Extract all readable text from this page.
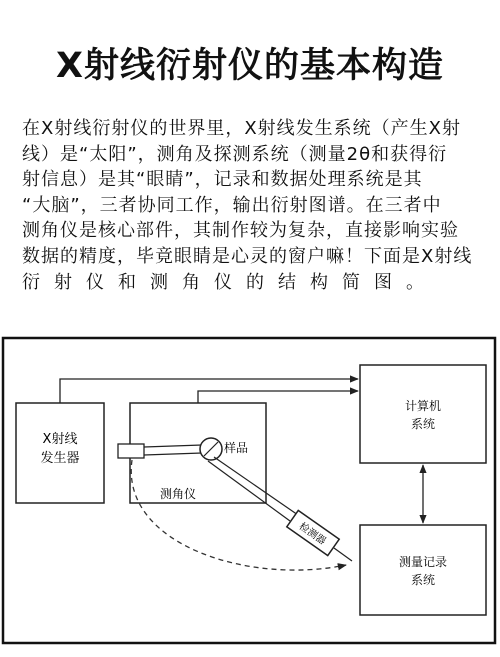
X射线衍射仪的基本构造
在X射线衍射仪的世界里，X射线发生系统（产生X射
线）是“太阳”，测角及探测系统（测量2θ和获得衍
射信息）是其“眼睛”，记录和数据处理系统是其
“大脑”，三者协同工作，输出衍射图谱。在三者中
测角仪是核心部件，其制作较为复杂，直接影响实验
数据的精度，毕竟眼睛是心灵的窗户嘛！下面是X射线
衍射仪和测角仪的结构简图。
X射线
发生器
测角仪
样品
检测器
计算机
系统
测量记录
系统
